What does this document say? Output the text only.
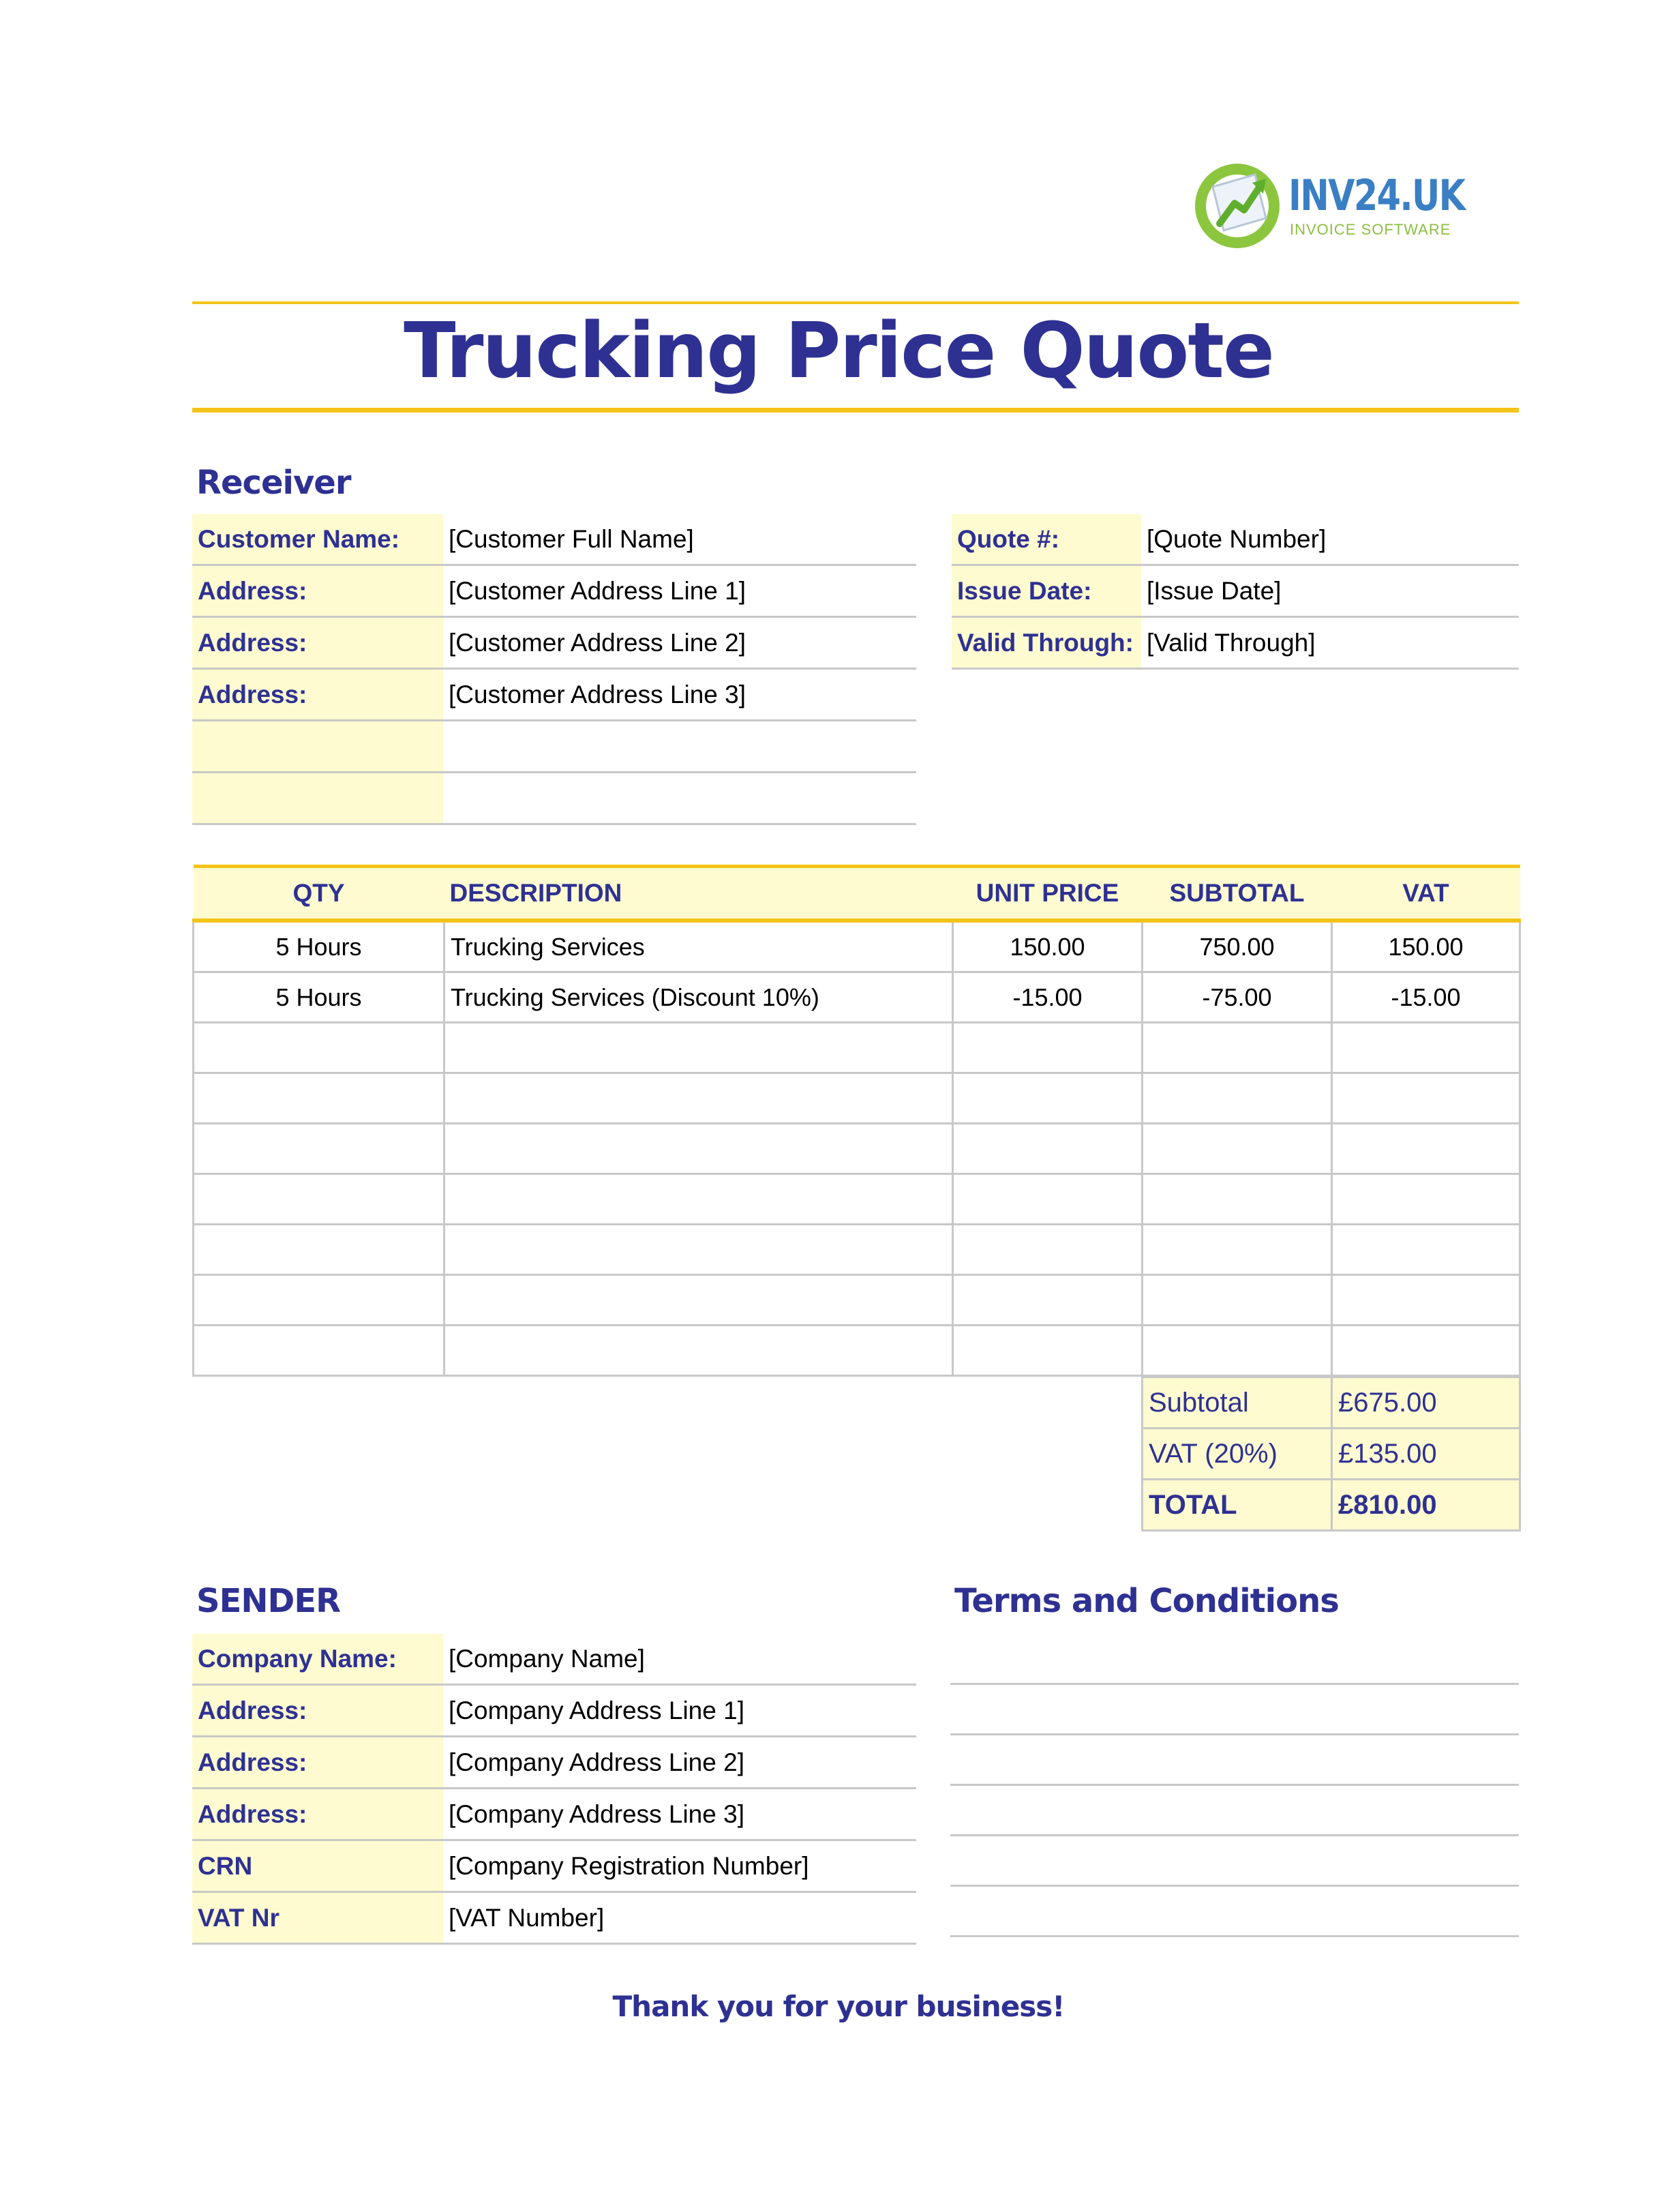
INV24.UK
INVOICE SOFTWARE
Trucking Price Quote
Receiver
Customer Name:	[Customer Full Name]
Address:	[Customer Address Line 1]
Address:	[Customer Address Line 2]
Address:	[Customer Address Line 3]

Quote #:	[Quote Number]
Issue Date:	[Issue Date]
Valid Through:	[Valid Through]
QTY	DESCRIPTION	UNIT PRICE	SUBTOTAL	VAT
5 Hours	Trucking Services	150.00	750.00	150.00
5 Hours	Trucking Services (Discount 10%)	-15.00	-75.00	-15.00

Subtotal	£675.00
VAT (20%)	£135.00
TOTAL	£810.00
SENDER
Company Name:	[Company Name]
Address:	[Company Address Line 1]
Address:	[Company Address Line 2]
Address:	[Company Address Line 3]
CRN	[Company Registration Number]
VAT Nr	[VAT Number]
Terms and Conditions
Thank you for your business!
